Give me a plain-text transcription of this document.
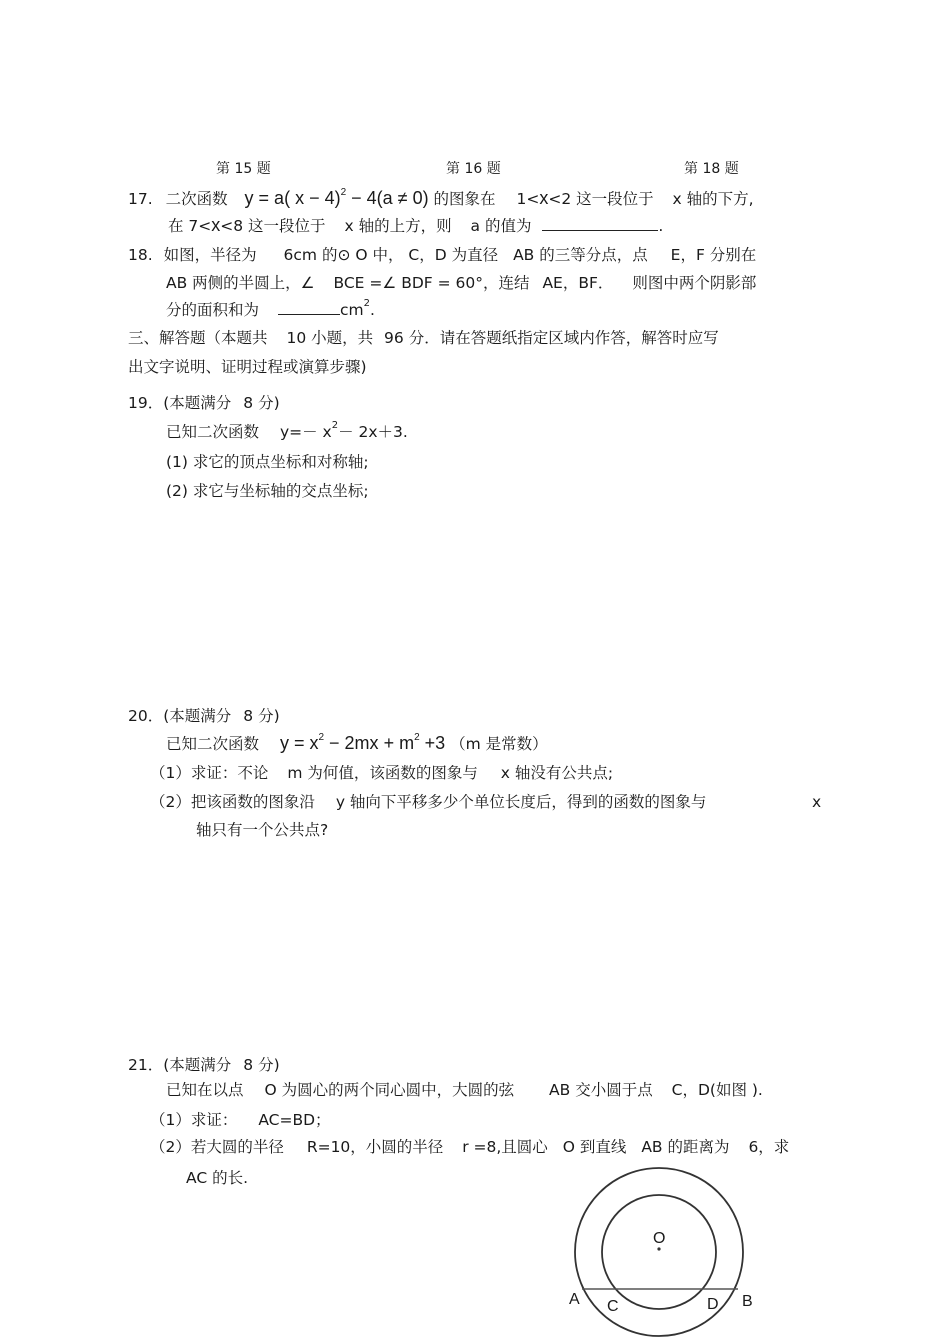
第 15 题	第 16 题	第 18 题
17. 二次函数 y = a( x − 4)$^2$ − 4(a ≠ 0) 的图象在 1<x<2 这一段位于 x 轴的下方,
在 7<x<8 这一段位于 x 轴的上方，则 a 的值为	.
18. 如图，半径为 6cm 的⊙ O 中， C，D 为直径 AB 的三等分点，点 E，F 分别在
AB 两侧的半圆上，∠ BCE =∠ BDF = 60°，连结 AE，BF． 则图中两个阴影部
分的面积和为	$cm^2$.
三、解答题（本题共 10 小题，共 96 分．请在答题纸指定区域内作答，解答时应写
出文字说明、证明过程或演算步骤)
19．(本题满分 8 分)
已知二次函数 $y=- x^2- 2x+3$.
(1) 求它的顶点坐标和对称轴;
(2) 求它与坐标轴的交点坐标;
20．(本题满分 8 分)
已知二次函数 $y = x^2 - 2mx + m^2 +3$ （m 是常数）
（1）求证：不论 m 为何值，该函数的图象与 x 轴没有公共点;
（2）把该函数的图象沿 y 轴向下平移多少个单位长度后，得到的函数的图象与	x
轴只有一个公共点?
21．(本题满分 8 分)
已知在以点 O 为圆心的两个同心圆中，大圆的弦 AB 交小圆于点 C，D(如图 ).
（1）求证： AC=BD；
（2）若大圆的半径 R=10，小圆的半径 r =8,且圆心 O 到直线 AB 的距离为 6，求
AC 的长.
O
A C	D B
